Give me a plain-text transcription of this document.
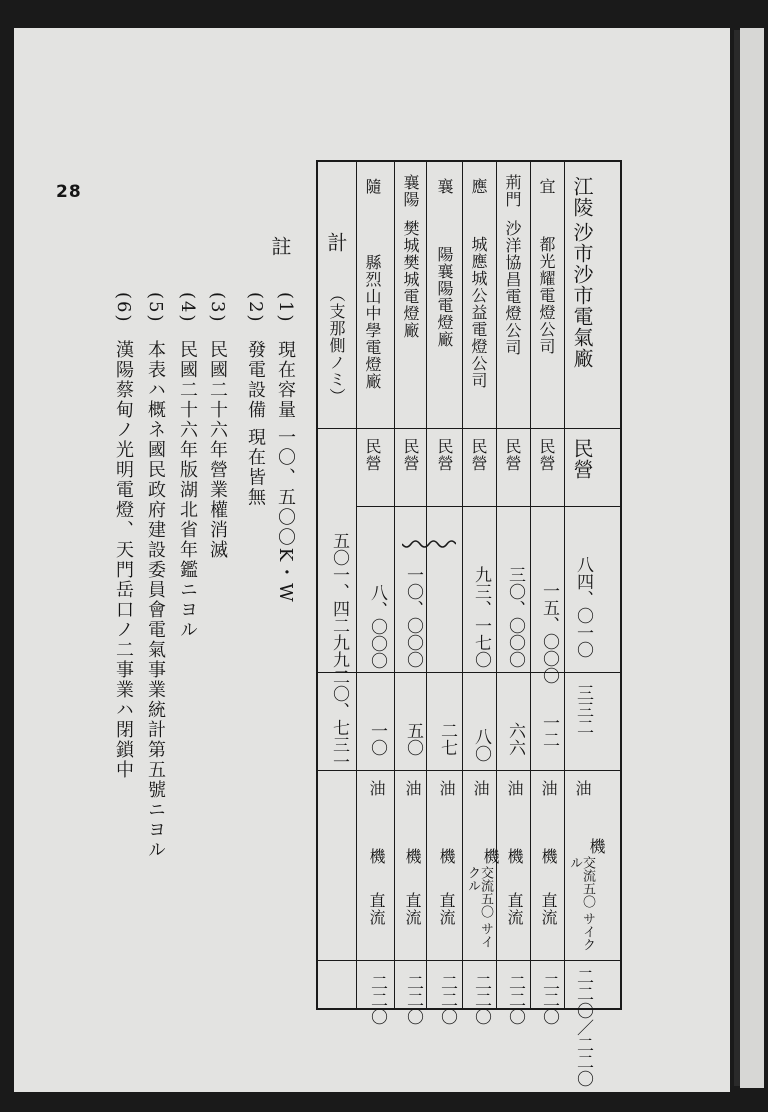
28
註
(1)
現在容量 一〇、五〇〇K・W
(2)
發電設備 現在皆無
(3)
民國二十六年營業權消滅
(4)
民國二十六年版湖北省年鑑ニヨル
(5)
本表ハ概ネ國民政府建設委員會電氣事業統計第五號ニヨル
(6)
漢陽蔡甸ノ光明電燈、天門岳口ノ二事業ハ閉鎖中
江陵
沙市沙市電氣廠
民營
八四、〇一〇
三三二
油
機
交流五〇 サイクル
二二〇／二二〇
宜
都光耀電燈公司
民營
一五、〇〇〇
一二
油
機
直流
二二〇
荊門
沙洋協昌電燈公司
民營
三〇、〇〇〇
六六
油
機
直流
二二〇
應
城應城公益電燈公司
民營
九三、一七〇
八〇
油
機
交流五〇 サイクル
二二〇
襄
陽襄陽電燈廠
民營
二七
油
機
直流
二二〇
襄陽
樊城樊城電燈廠
民營
一〇、〇〇〇
五〇
油
機
直流
二二〇
隨
縣烈山中學電燈廠
民營
八、〇〇〇
一〇
油
機
直流
二二〇
計
（支那側ノミ）
五〇一、四二九九
二〇、七三一
